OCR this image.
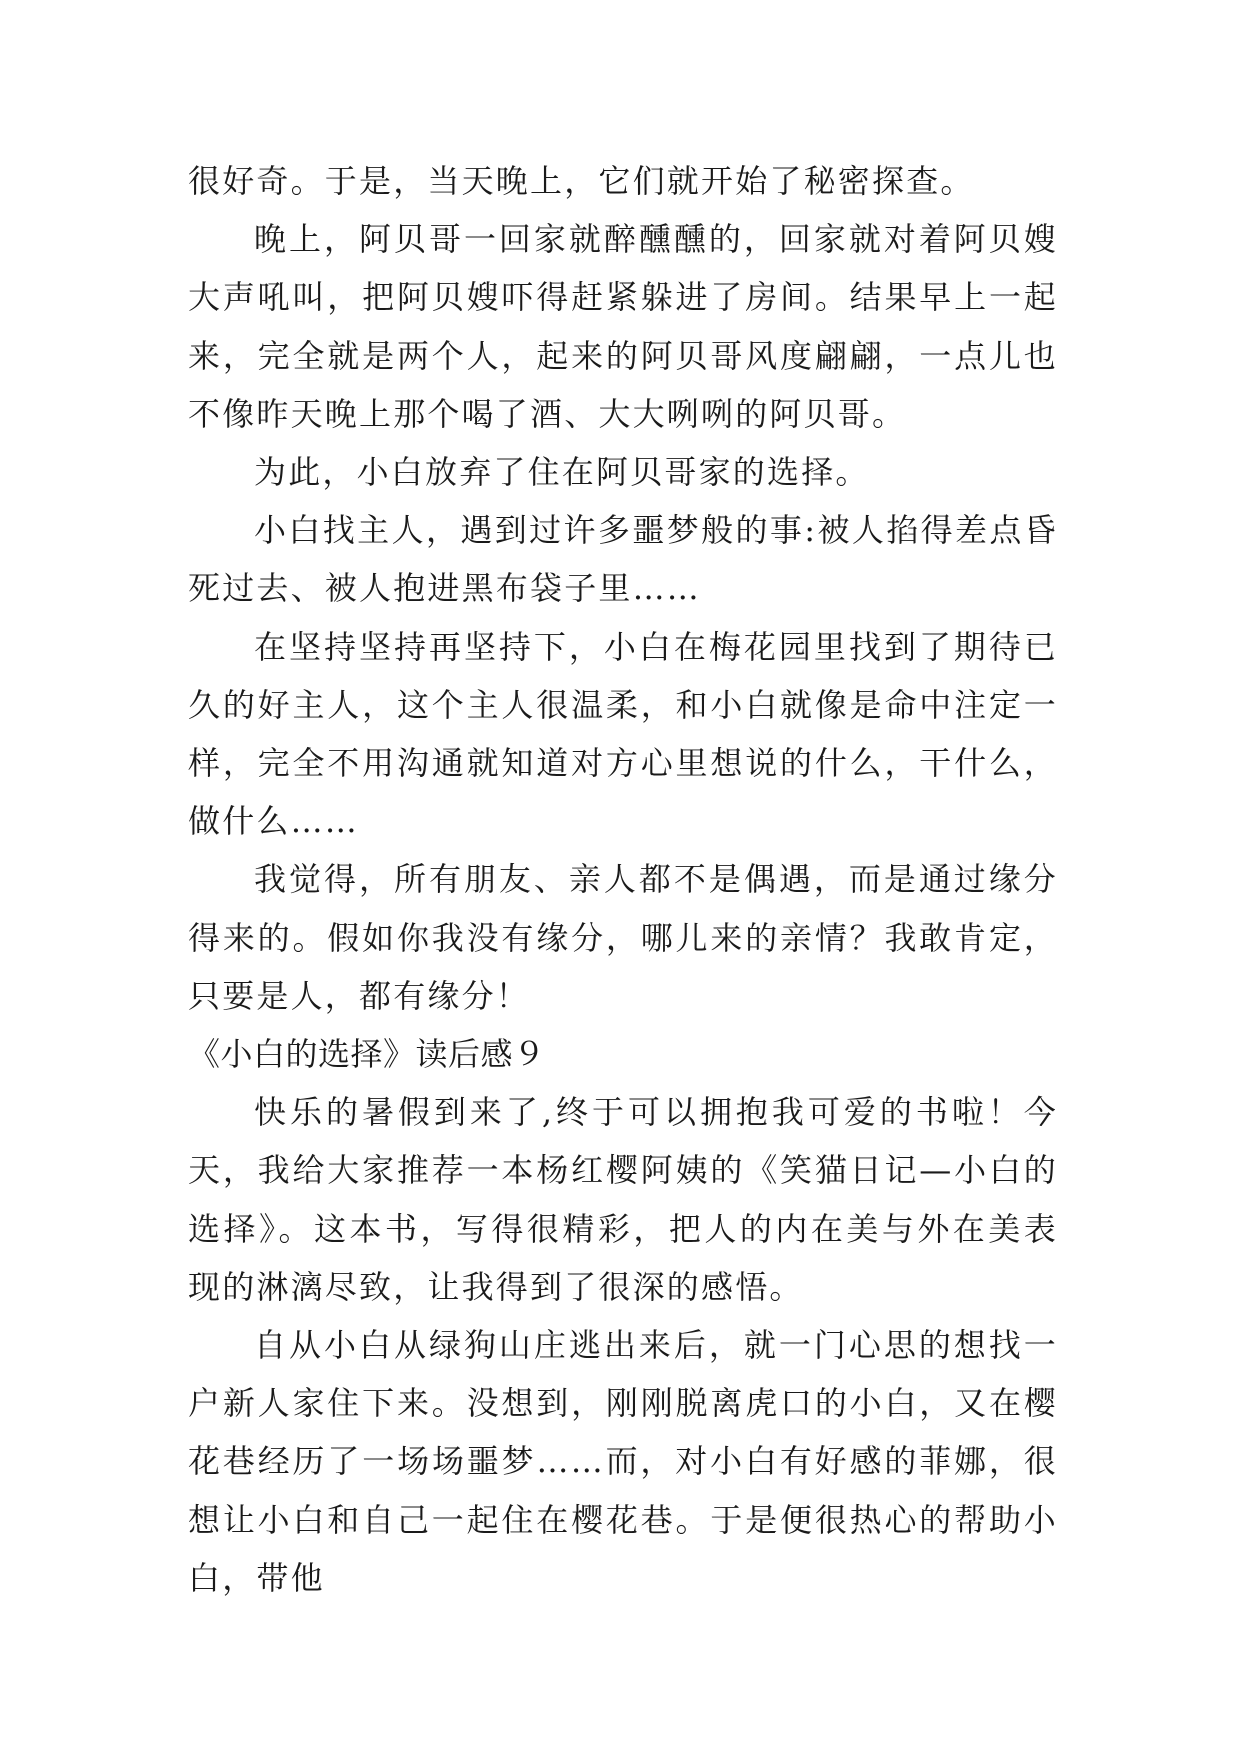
很好奇。于是，当天晚上，它们就开始了秘密探查。

晚上，阿贝哥一回家就醉醺醺的，回家就对着阿贝嫂大声吼叫，把阿贝嫂吓得赶紧躲进了房间。结果早上一起来，完全就是两个人，起来的阿贝哥风度翩翩，一点儿也不像昨天晚上那个喝了酒、大大咧咧的阿贝哥。

为此，小白放弃了住在阿贝哥家的选择。

小白找主人，遇到过许多噩梦般的事:被人掐得差点昏死过去、被人抱进黑布袋子里……

在坚持坚持再坚持下，小白在梅花园里找到了期待已久的好主人，这个主人很温柔，和小白就像是命中注定一样，完全不用沟通就知道对方心里想说的什么，干什么，做什么……

我觉得，所有朋友、亲人都不是偶遇，而是通过缘分得来的。假如你我没有缘分，哪儿来的亲情？我敢肯定，只要是人，都有缘分！

《小白的选择》读后感９

快乐的暑假到来了,终于可以拥抱我可爱的书啦！今天，我给大家推荐一本杨红樱阿姨的《笑猫日记—小白的选择》。这本书，写得很精彩，把人的内在美与外在美表现的淋漓尽致，让我得到了很深的感悟。

自从小白从绿狗山庄逃出来后，就一门心思的想找一户新人家住下来。没想到，刚刚脱离虎口的小白，又在樱花巷经历了一场场噩梦……而，对小白有好感的菲娜，很想让小白和自己一起住在樱花巷。于是便很热心的帮助小白，带他
